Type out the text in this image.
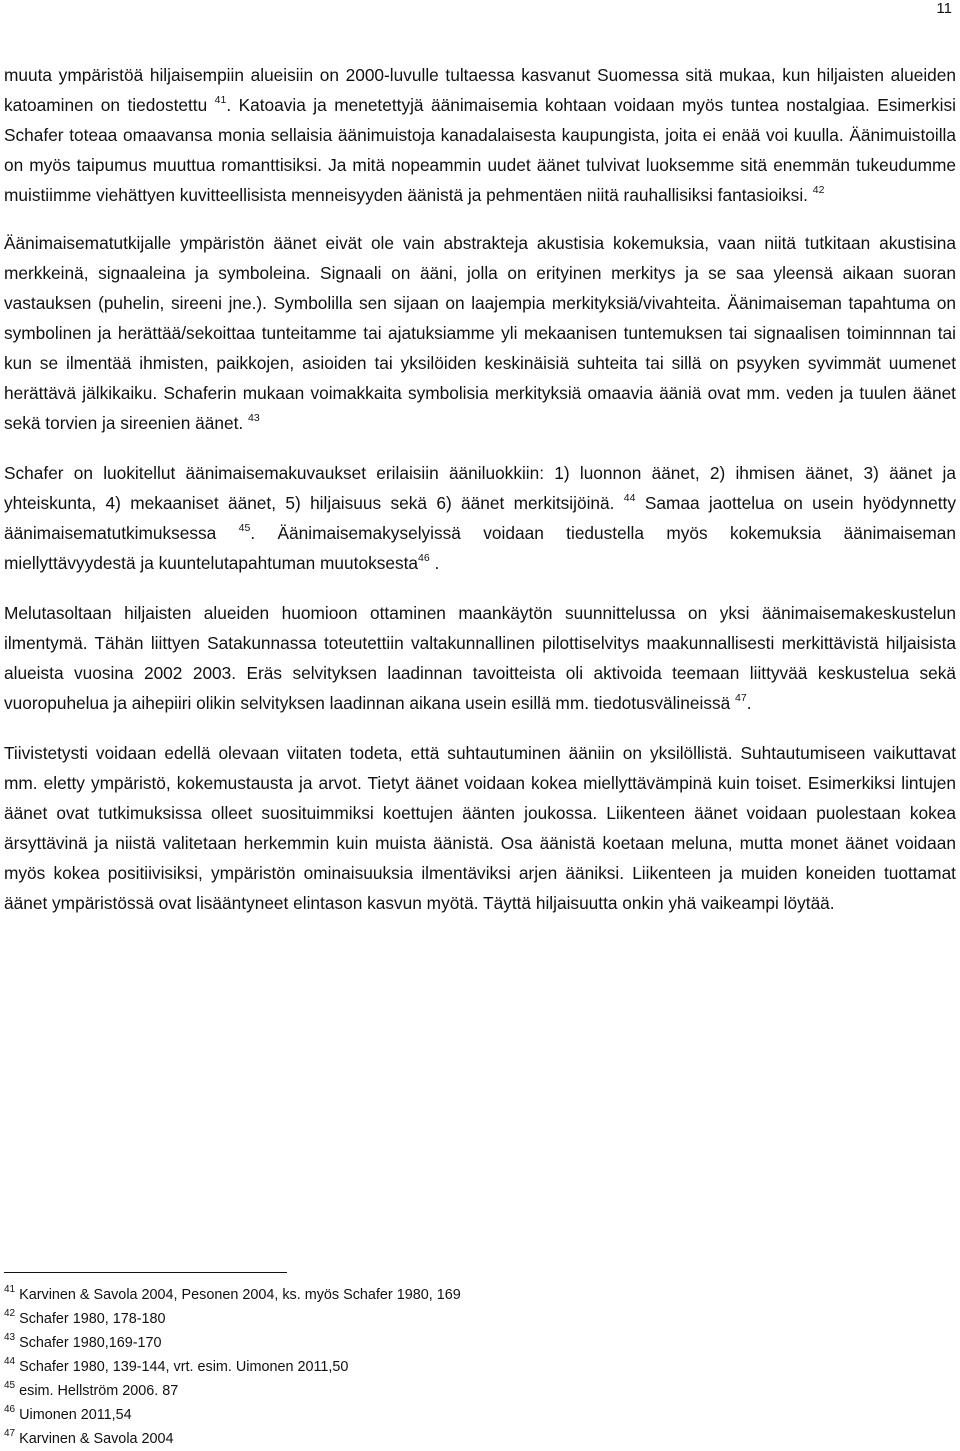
11

muuta ympäristöä hiljaisempiin alueisiin on 2000-luvulle tultaessa kasvanut Suomessa sitä mukaa, kun hiljaisten alueiden katoaminen on tiedostettu $^{41}$. Katoavia ja menetettyjä äänimaisemia kohtaan voidaan myös tuntea nostalgiaa. Esimerkisi Schafer toteaa omaavansa monia sellaisia äänimuistoja kanadalaisesta kaupungista, joita ei enää voi kuulla. Äänimuistoilla on myös taipumus muuttua romanttisiksi. Ja mitä nopeammin uudet äänet tulvivat luoksemme sitä enemmän tukeudumme muistiimme viehättyen kuvitteellisista menneisyyden äänistä ja pehmentäen niitä rauhallisiksi fantasioiksi. $^{42}$

Äänimaisematutkijalle ympäristön äänet eivät ole vain abstrakteja akustisia kokemuksia, vaan niitä tutkitaan akustisina merkkeinä, signaaleina ja symboleina. Signaali on ääni, jolla on erityinen merkitys ja se saa yleensä aikaan suoran vastauksen (puhelin, sireeni jne.). Symbolilla sen sijaan on laajempia merkityksiä/vivahteita. Äänimaiseman tapahtuma on symbolinen ja herättää/sekoittaa tunteitamme tai ajatuksiamme yli mekaanisen tuntemuksen tai signaalisen toiminnnan tai kun se ilmentää ihmisten, paikkojen, asioiden tai yksilöiden keskinäisiä suhteita tai sillä on psyyken syvimmät uumenet herättävä jälkikaiku. Schaferin mukaan voimakkaita symbolisia merkityksiä omaavia ääniä ovat mm. veden ja tuulen äänet sekä torvien ja sireenien äänet. $^{43}$

Schafer on luokitellut äänimaisemakuvaukset erilaisiin ääniluokkiin: 1) luonnon äänet, 2) ihmisen äänet, 3) äänet ja yhteiskunta, 4) mekaaniset äänet, 5) hiljaisuus sekä 6) äänet merkitsijöinä. $^{44}$ Samaa jaottelua on usein hyödynnetty äänimaisematutkimuksessa $^{45}$. Äänimaisemakyselyissä voidaan tiedustella myös kokemuksia äänimaiseman miellyttävyydestä ja kuuntelutapahtuman muutoksesta$^{46}$ .

Melutasoltaan hiljaisten alueiden huomioon ottaminen maankäytön suunnittelussa on yksi äänimaisemakeskustelun ilmentymä. Tähän liittyen Satakunnassa toteutettiin valtakunnallinen pilottiselvitys maakunnallisesti merkittävistä hiljaisista alueista vuosina 2002 2003. Eräs selvityksen laadinnan tavoitteista oli aktivoida teemaan liittyvää keskustelua sekä vuoropuhelua ja aihepiiri olikin selvityksen laadinnan aikana usein esillä mm. tiedotusvälineissä $^{47}$.

Tiivistetysti voidaan edellä olevaan viitaten todeta, että suhtautuminen ääniin on yksilöllistä. Suhtautumiseen vaikuttavat mm. eletty ympäristö, kokemustausta ja arvot. Tietyt äänet voidaan kokea miellyttävämpinä kuin toiset. Esimerkiksi lintujen äänet ovat tutkimuksissa olleet suosituimmiksi koettujen äänten joukossa. Liikenteen äänet voidaan puolestaan kokea ärsyttävinä ja niistä valitetaan herkemmin kuin muista äänistä. Osa äänistä koetaan meluna, mutta monet äänet voidaan myös kokea positiivisiksi, ympäristön ominaisuuksia ilmentäviksi arjen ääniksi. Liikenteen ja muiden koneiden tuottamat äänet ympäristössä ovat lisääntyneet elintason kasvun myötä. Täyttä hiljaisuutta onkin yhä vaikeampi löytää.

$^{41}$ Karvinen & Savola 2004, Pesonen 2004, ks. myös Schafer 1980, 169

$^{42}$ Schafer 1980, 178-180

$^{43}$ Schafer 1980,169-170

$^{44}$ Schafer 1980, 139-144, vrt. esim. Uimonen 2011,50

$^{45}$ esim. Hellström 2006. 87

$^{46}$ Uimonen 2011,54

$^{47}$ Karvinen & Savola 2004
